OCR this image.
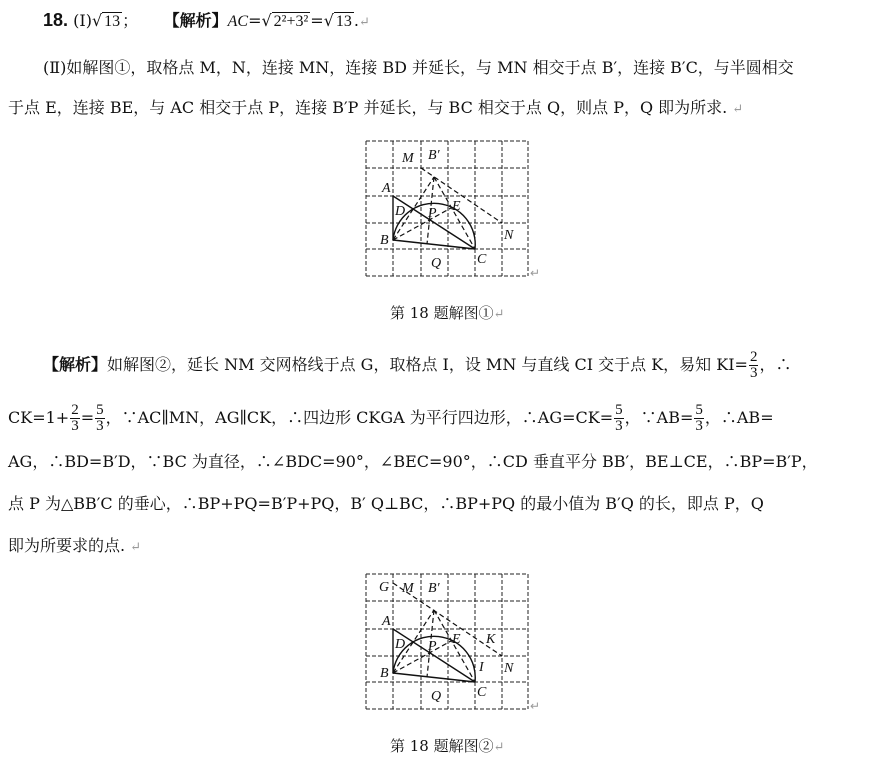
18. (Ⅰ)√ 13 ； 【解析】AC=√ 2²+3² =√ 13 .↵
(Ⅱ)如解图①，取格点 M，N，连接 MN，连接 BD 并延长，与 MN 相交于点 B′，连接 B′C，与半圆相交
于点 E，连接 BE，与 AC 相交于点 P，连接 B′P 并延长，与 BC 相交于点 Q，则点 P，Q 即为所求. ↵
M B′
A
D P E
B	N
Q	C
↵
第 18 题解图①↵
【解析】如解图②，延长 NM 交网格线于点 G，取格点 I，设 MN 与直线 CI 交于点 K，易知 $KI= \frac{2}{3}$ ，∴
$CK=1+ \frac{2}{3} = \frac{5}{3}$ ，∵AC∥MN，AG∥CK，∴四边形 CKGA 为平行四边形，∴AG=CK= $\frac{5}{3}$ ，∵AB= $\frac{5}{3}$ ，∴AB=
AG，∴BD=B′D，∵BC 为直径，∴∠BDC=90°，∠BEC=90°，∴CD 垂直平分 BB′，BE⊥CE，∴BP=B′P，
点 P 为△BB′C 的垂心，∴BP+PQ=B′P+PQ，B′ Q⊥BC，∴BP+PQ 的最小值为 B′Q 的长，即点 P，Q
即为所要求的点. ↵
G M B′
A
D P E K
B	I N
Q	C
↵
第 18 题解图②↵
